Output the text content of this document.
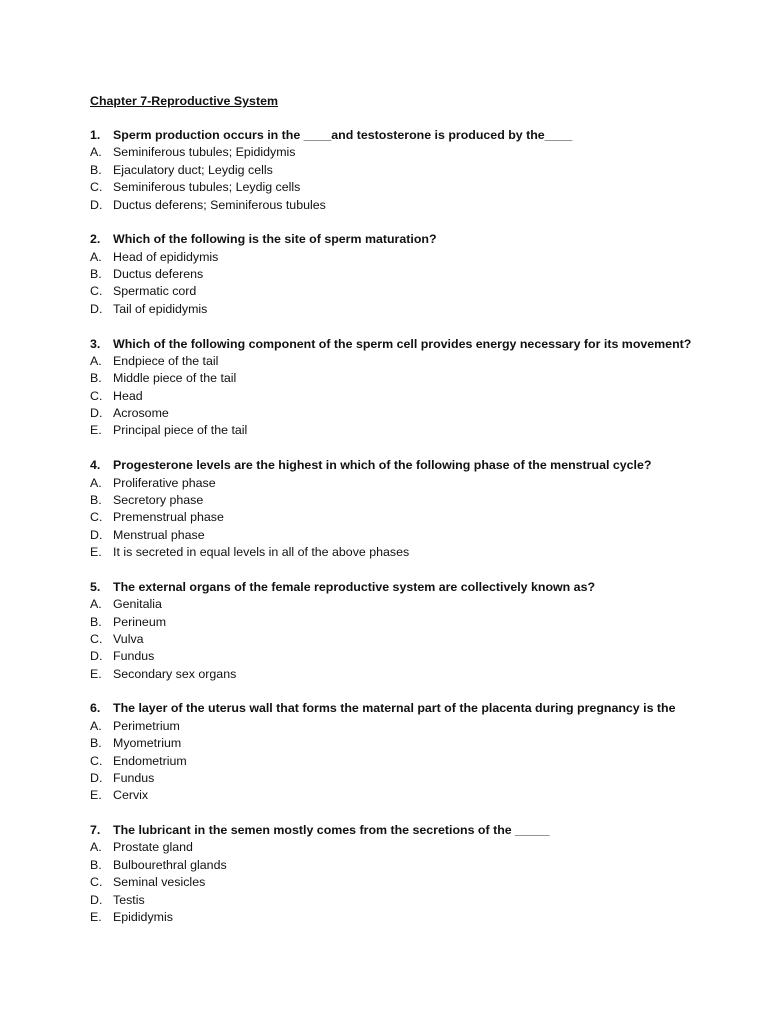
Chapter 7-Reproductive System
1.	Sperm production occurs in the ____and testosterone is produced by the____
A. Seminiferous tubules; Epididymis
B. Ejaculatory duct; Leydig cells
C. Seminiferous tubules; Leydig cells
D. Ductus deferens; Seminiferous tubules
2.	Which of the following is the site of sperm maturation?
A. Head of epididymis
B. Ductus deferens
C. Spermatic cord
D. Tail of epididymis
3.	Which of the following component of the sperm cell provides energy necessary for its movement?
A. Endpiece of the tail
B. Middle piece of the tail
C. Head
D. Acrosome
E. Principal piece of the tail
4.	Progesterone levels are the highest in which of the following phase of the menstrual cycle?
A. Proliferative phase
B. Secretory phase
C. Premenstrual phase
D. Menstrual phase
E. It is secreted in equal levels in all of the above phases
5.	The external organs of the female reproductive system are collectively known as?
A. Genitalia
B. Perineum
C. Vulva
D. Fundus
E. Secondary sex organs
6.	The layer of the uterus wall that forms the maternal part of the placenta during pregnancy is the
A. Perimetrium
B. Myometrium
C. Endometrium
D. Fundus
E. Cervix
7.	The lubricant in the semen mostly comes from the secretions of the _____
A. Prostate gland
B. Bulbourethral glands
C. Seminal vesicles
D. Testis
E. Epididymis
